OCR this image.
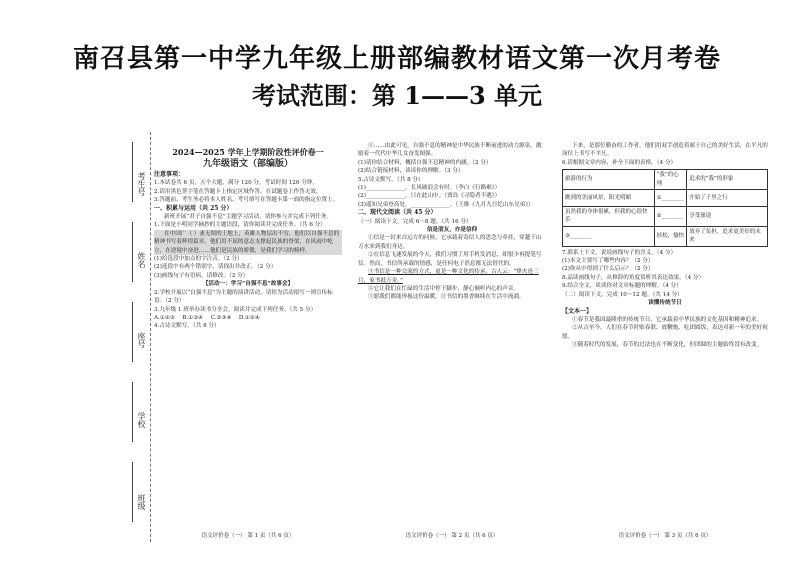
南召县第一中学九年级上册部编教材语文第一次月考卷
考试范围：第 1——3 单元
考生号
姓名
座号
学校
班级
2024—2025 学年上学期阶段性评价卷一
九年级语文（部编版）
注意事项：
1.本试卷共 6 页，五个大题，满分 120 分，考试时间 120 分钟。
2.请用黑色签字笔在答题卡上指定区域作答，在试题卷上作答无效。
3.答题前，考生务必将本人姓名、考号填写在答题卡第一面的指定位置上。
一、积累与运用（共 25 分）

新班开展“君子自强不息”主题学习活动，请你参与并完成下列任务。

1.下面是小明同学摘抄的主题语段，请你阅读并完成任务。（共 6 分）

在中国广（ ）袤无垠的土地上，英雄人物层出不穷，他们以自强不息的精神书写着辉煌篇章。他们用不屈的意志支撑起民族的脊梁，在风雨中屹立，在逆境中奋进……他们是民族的骄傲，是我们学习的榜样。

(1)给选段中加点的字注音。（2 分）
(2)选段中有两个错别字，请找出并改正。（2 分）
(3)画线句子有语病，请修改。（2 分）
【活动一：学习“自强不息”故事会】
2.学校开展以“自强不息”为主题的演讲活动，请你为活动拟写一则宣传标语。（2 分）
3.九年级 1 班举办读书分享会，阅读并完成下列任务。（共 5 分）
A.①②③　 B.①③④　 C.②③④　 D.①②④
4.古诗文默写。（共 8 分）
语文评价卷（一） 第 1 页（共 6 页）

④……由此可见，自强不息的精神是中华民族不断前进的动力源泉，激励着一代代中华儿女奋发图强。

(1)请你结合材料，概括自强不息精神的内涵。（2 分）
(2)结合链接材料，谈谈你的理解。（3 分）
5.古诗文默写。（共 8 分）
(1)______________，长风破浪会有时。（李白《行路难》）
(2)______________，只在此山中。（贾岛《寻隐者不遇》）
(3)遥知兄弟登高处，______________。（王维《九月九日忆山东兄弟》）
二、现代文阅读（共 45 分）
（一）阅读下文，完成 6～8 题。（共 16 分）
信是朋友，亦是信仰

①信是一封来自远方的问候，它承载着寄信人的思念与牵挂，穿越千山万水来到我们身边。

②在信息飞速发展的今天，我们习惯了用手机发消息，却很少再提笔写信。然而，书信所承载的情感，是任何电子消息都无法替代的。

③书信是一种交流的方式，更是一种文化的传承。古人云：“烽火连三月，家书抵万金。”

④它让我们在忙碌的生活中停下脚步，静心倾听内心的声音。

⑤愿我们都能珍视这份温暖，让书信的墨香继续在生活中流淌。

语文评价卷（一） 第 2 页（共 6 页）

下来，是那位勤奋的工作者，他们用双手创造着属于自己的美好生活，在平凡的岗位上书写不平凡。

6.请根据文章内容，补全下面的表格。（4 分）
旅游的行为	“我”的心理	追求的“我”的形象
瞧到的美丽风景，阳光明媚	①________	开始了千里之行
虽然我的身体很累，但我的心很快乐	②________	享受旅途
③________	轻松，愉快	放弃了负担，追求更美好的未来
7.联系上下文，说说画线句子的含义。（4 分）
(1)本文主要写了哪些内容？（2 分）
(2)你从中得到了什么启示？（2 分）
8.品读画线句子，从修辞的角度赏析其表达效果。（4 分）
9.结合全文，谈谈你对文章标题的理解。（4 分）
（二）阅读下文，完成 10～12 题。（共 14 分）
读懂传统节日
【文本一】

①春节是我国最隆重的传统节日，它承载着中华民族的文化基因和精神追求。

②从古至今，人们在春节时贴春联、放鞭炮、吃团圆饭，表达对新一年的美好祝愿。

③随着时代的发展，春节的过法也在不断变化，但团圆的主题始终没有改变。

语文评价卷（一） 第 3 页（共 6 页）
